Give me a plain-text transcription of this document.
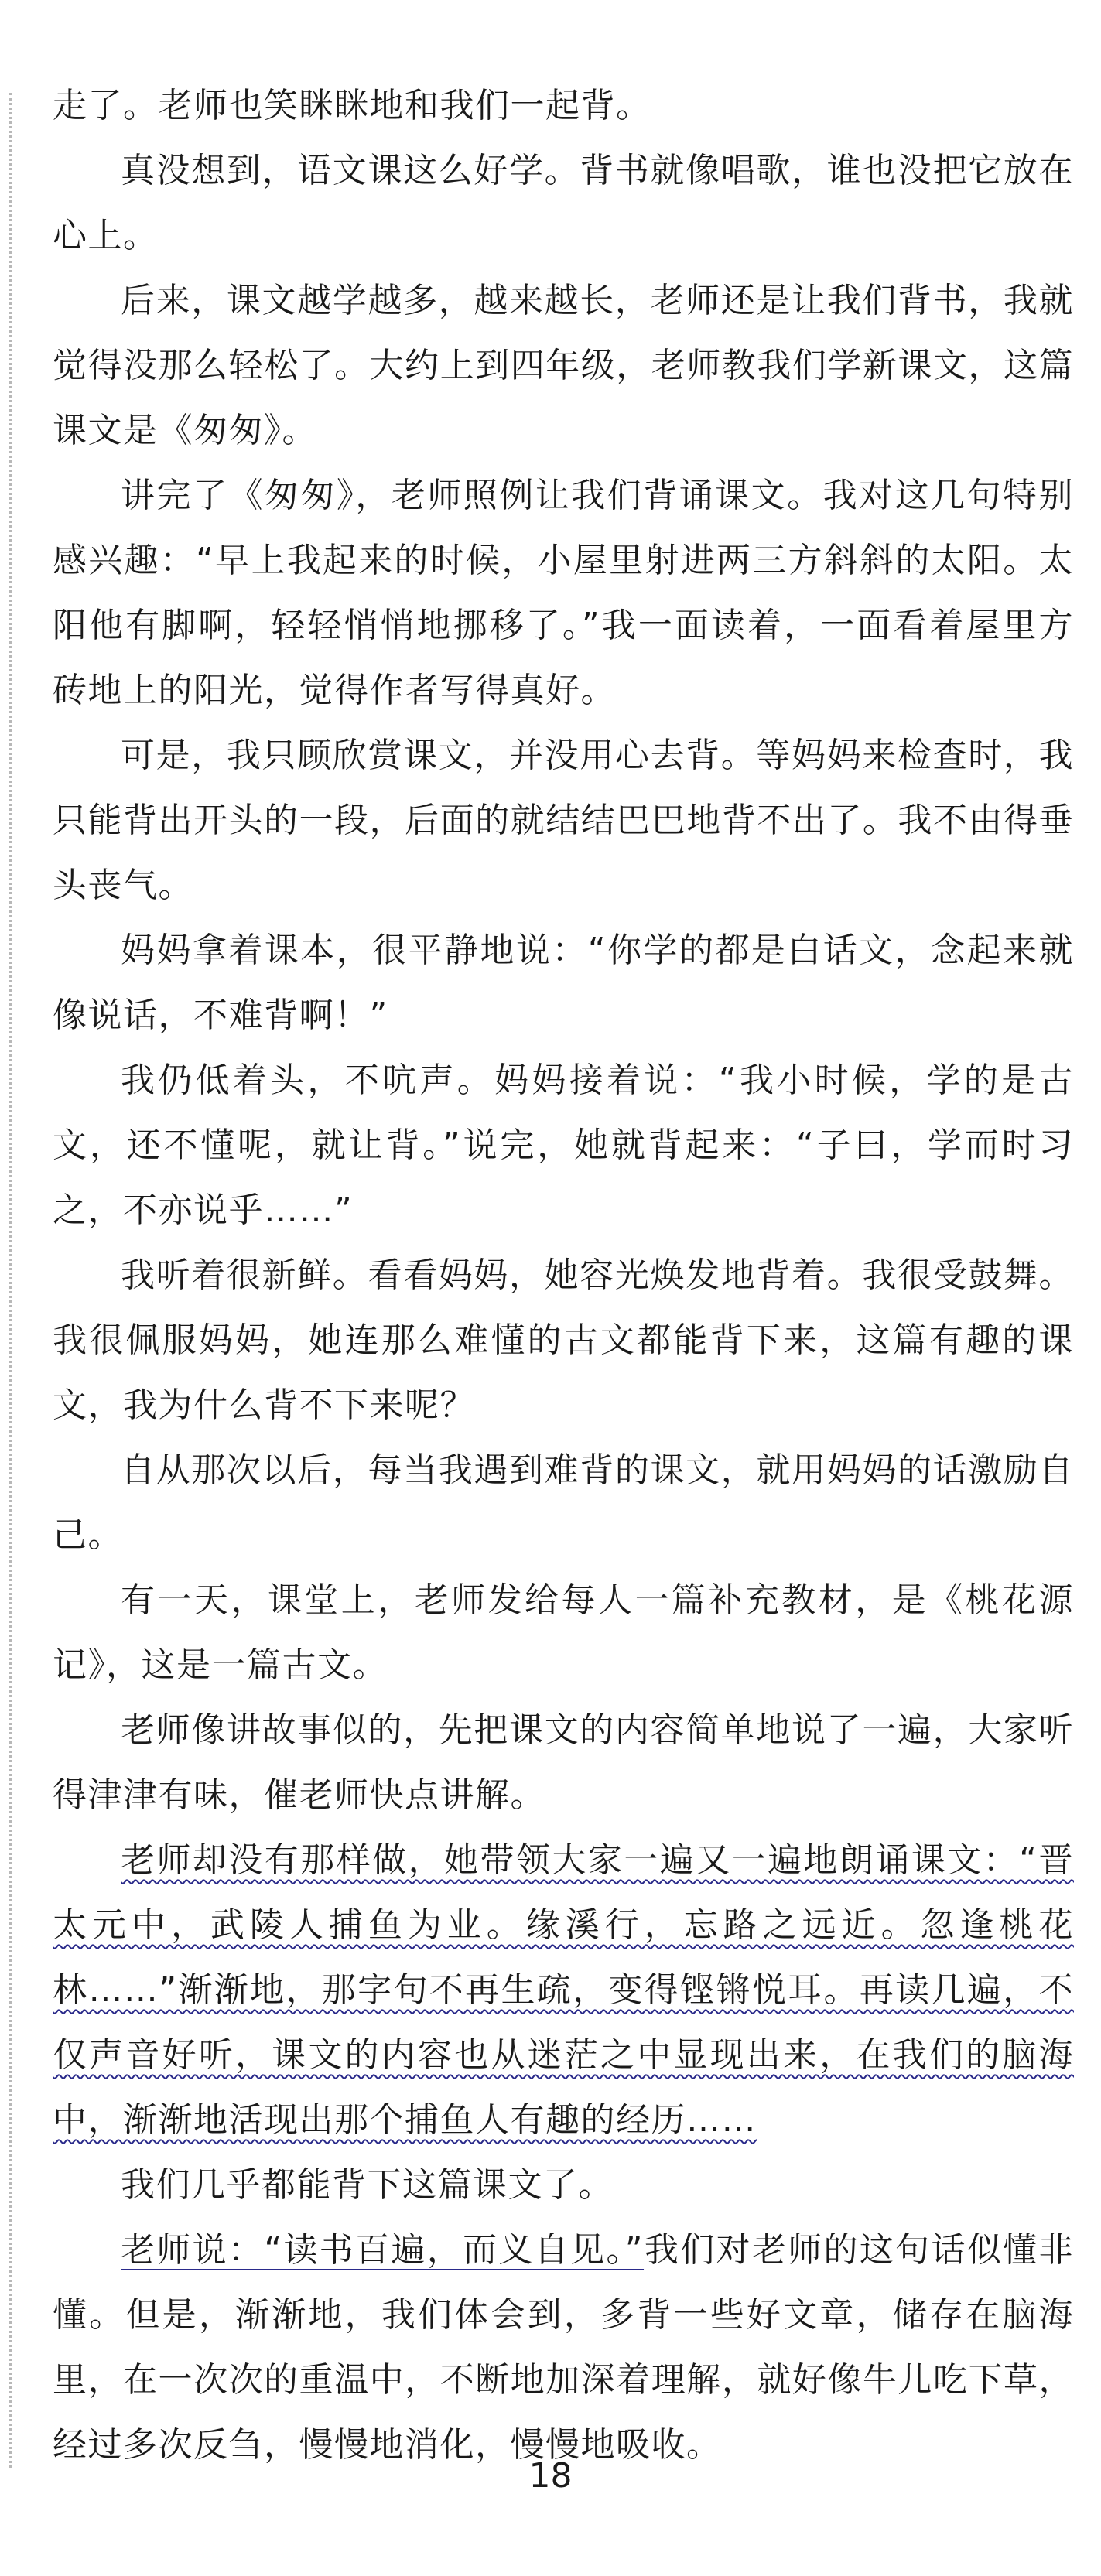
走了。老师也笑眯眯地和我们一起背。

真没想到，语文课这么好学。背书就像唱歌，谁也没把它放在心上。

后来，课文越学越多，越来越长，老师还是让我们背书，我就觉得没那么轻松了。大约上到四年级，老师教我们学新课文，这篇课文是《匆匆》。

讲完了《匆匆》，老师照例让我们背诵课文。我对这几句特别感兴趣：“早上我起来的时候，小屋里射进两三方斜斜的太阳。太阳他有脚啊，轻轻悄悄地挪移了。”我一面读着，一面看着屋里方砖地上的阳光，觉得作者写得真好。

可是，我只顾欣赏课文，并没用心去背。等妈妈来检查时，我只能背出开头的一段，后面的就结结巴巴地背不出了。我不由得垂头丧气。

妈妈拿着课本，很平静地说：“你学的都是白话文，念起来就像说话，不难背啊！”

我仍低着头，不吭声。妈妈接着说：“我小时候，学的是古文，还不懂呢，就让背。”说完，她就背起来：“子曰，学而时习之，不亦说乎……”

我听着很新鲜。看看妈妈，她容光焕发地背着。我很受鼓舞。我很佩服妈妈，她连那么难懂的古文都能背下来，这篇有趣的课文，我为什么背不下来呢？

自从那次以后，每当我遇到难背的课文，就用妈妈的话激励自己。

有一天，课堂上，老师发给每人一篇补充教材，是《桃花源记》，这是一篇古文。

老师像讲故事似的，先把课文的内容简单地说了一遍，大家听得津津有味，催老师快点讲解。

老师却没有那样做，她带领大家一遍又一遍地朗诵课文：“晋太元中，武陵人捕鱼为业。缘溪行，忘路之远近。忽逢桃花林……”渐渐地，那字句不再生疏，变得铿锵悦耳。再读几遍，不仅声音好听，课文的内容也从迷茫之中显现出来，在我们的脑海中，渐渐地活现出那个捕鱼人有趣的经历……

我们几乎都能背下这篇课文了。

老师说：“读书百遍，而义自见。”我们对老师的这句话似懂非懂。但是，渐渐地，我们体会到，多背一些好文章，储存在脑海里，在一次次的重温中，不断地加深着理解，就好像牛儿吃下草，经过多次反刍，慢慢地消化，慢慢地吸收。

18
